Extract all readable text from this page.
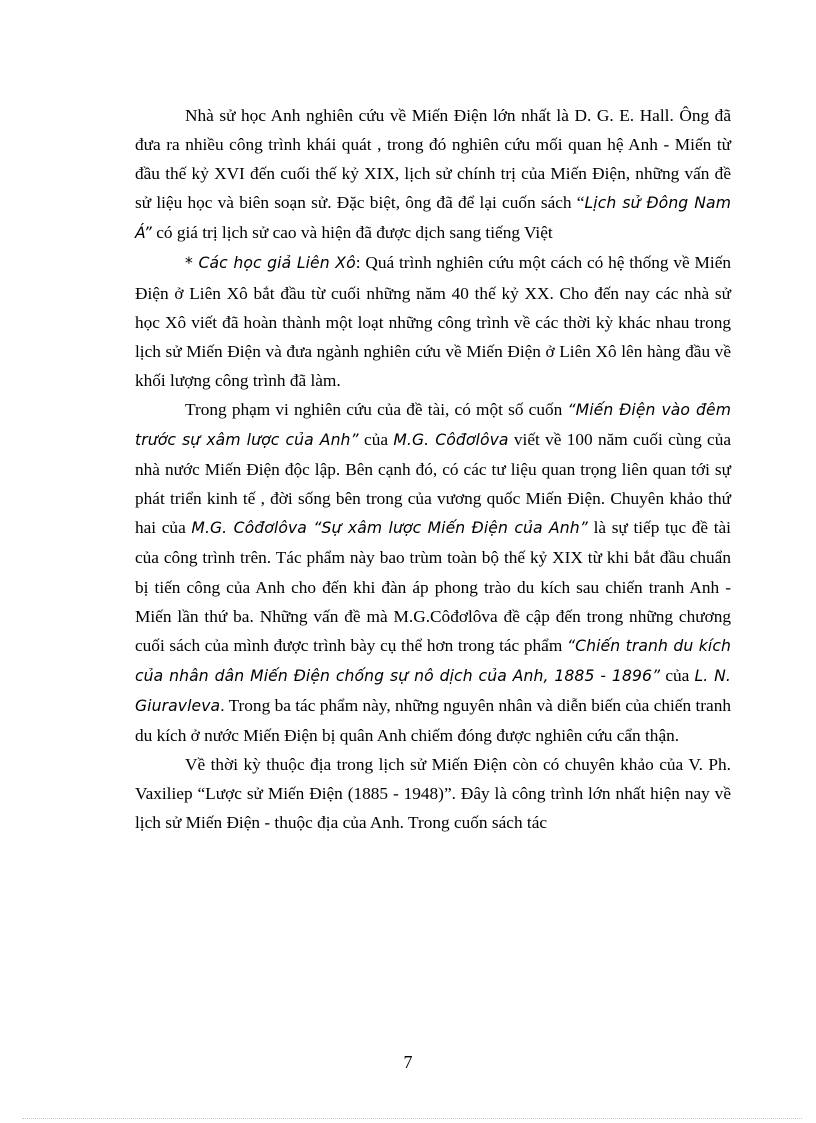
Nhà sử học Anh nghiên cứu về Miến Điện lớn nhất là D. G. E. Hall. Ông đã đưa ra nhiều công trình khái quát , trong đó nghiên cứu mối quan hệ Anh - Miến từ đầu thế kỷ XVI đến cuối thế kỷ XIX, lịch sử chính trị của Miến Điện, những vấn đề sử liệu học và biên soạn sử. Đặc biệt, ông đã để lại cuốn sách “Lịch sử Đông Nam Á” có giá trị lịch sử cao và hiện đã được dịch sang tiếng Việt

* Các học giả Liên Xô: Quá trình nghiên cứu một cách có hệ thống về Miến Điện ở Liên Xô bắt đầu từ cuối những năm 40 thế kỷ XX. Cho đến nay các nhà sử học Xô viết đã hoàn thành một loạt những công trình về các thời kỳ khác nhau trong lịch sử Miến Điện và đưa ngành nghiên cứu về Miến Điện ở Liên Xô lên hàng đầu về khối lượng công trình đã làm.

Trong phạm vi nghiên cứu của đề tài, có một số cuốn “Miến Điện vào đêm trước sự xâm lược của Anh” của M.G. Côđơlôva viết về 100 năm cuối cùng của nhà nước Miến Điện độc lập. Bên cạnh đó, có các tư liệu quan trọng liên quan tới sự phát triển kinh tế , đời sống bên trong của vương quốc Miến Điện. Chuyên khảo thứ hai của M.G. Côđơlôva “Sự xâm lược Miến Điện của Anh” là sự tiếp tục đề tài của công trình trên. Tác phẩm này bao trùm toàn bộ thế kỷ XIX từ khi bắt đầu chuẩn bị tiến công của Anh cho đến khi đàn áp phong trào du kích sau chiến tranh Anh - Miến lần thứ ba. Những vấn đề mà M.G.Côđơlôva đề cập đến trong những chương cuối sách của mình được trình bày cụ thể hơn trong tác phẩm “Chiến tranh du kích của nhân dân Miến Điện chống sự nô dịch của Anh, 1885 - 1896” của L. N. Giuravleva. Trong ba tác phẩm này, những nguyên nhân và diễn biến của chiến tranh du kích ở nước Miến Điện bị quân Anh chiếm đóng được nghiên cứu cẩn thận.

Về thời kỳ thuộc địa trong lịch sử Miến Điện còn có chuyên khảo của V. Ph. Vaxiliep “Lược sử Miến Điện (1885 - 1948)”. Đây là công trình lớn nhất hiện nay về lịch sử Miến Điện - thuộc địa của Anh. Trong cuốn sách tác

7
